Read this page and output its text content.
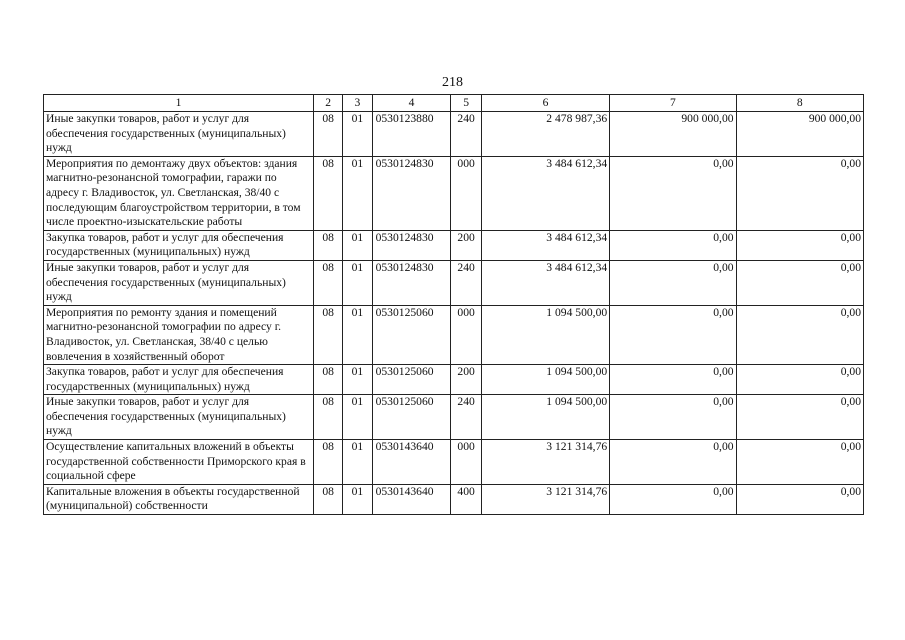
218
1	2	3	4	5	6	7	8
Иные закупки товаров, работ и услуг для обеспечения государственных (муниципальных) нужд	08	01	0530123880	240	2 478 987,36	900 000,00	900 000,00
Мероприятия по демонтажу двух объектов: здания магнитно-резонансной томографии, гаражи по адресу г. Владивосток, ул. Светланская, 38/40 с последующим благоустройством территории, в том числе проектно-изыскательские работы	08	01	0530124830	000	3 484 612,34	0,00	0,00
Закупка товаров, работ и услуг для обеспечения государственных (муниципальных) нужд	08	01	0530124830	200	3 484 612,34	0,00	0,00
Иные закупки товаров, работ и услуг для обеспечения государственных (муниципальных) нужд	08	01	0530124830	240	3 484 612,34	0,00	0,00
Мероприятия по ремонту здания и помещений магнитно-резонансной томографии по адресу г. Владивосток, ул. Светланская, 38/40 с целью вовлечения в хозяйственный оборот	08	01	0530125060	000	1 094 500,00	0,00	0,00
Закупка товаров, работ и услуг для обеспечения государственных (муниципальных) нужд	08	01	0530125060	200	1 094 500,00	0,00	0,00
Иные закупки товаров, работ и услуг для обеспечения государственных (муниципальных) нужд	08	01	0530125060	240	1 094 500,00	0,00	0,00
Осуществление капитальных вложений в объекты государственной собственности Приморского края в социальной сфере	08	01	0530143640	000	3 121 314,76	0,00	0,00
Капитальные вложения в объекты государственной (муниципальной) собственности	08	01	0530143640	400	3 121 314,76	0,00	0,00
